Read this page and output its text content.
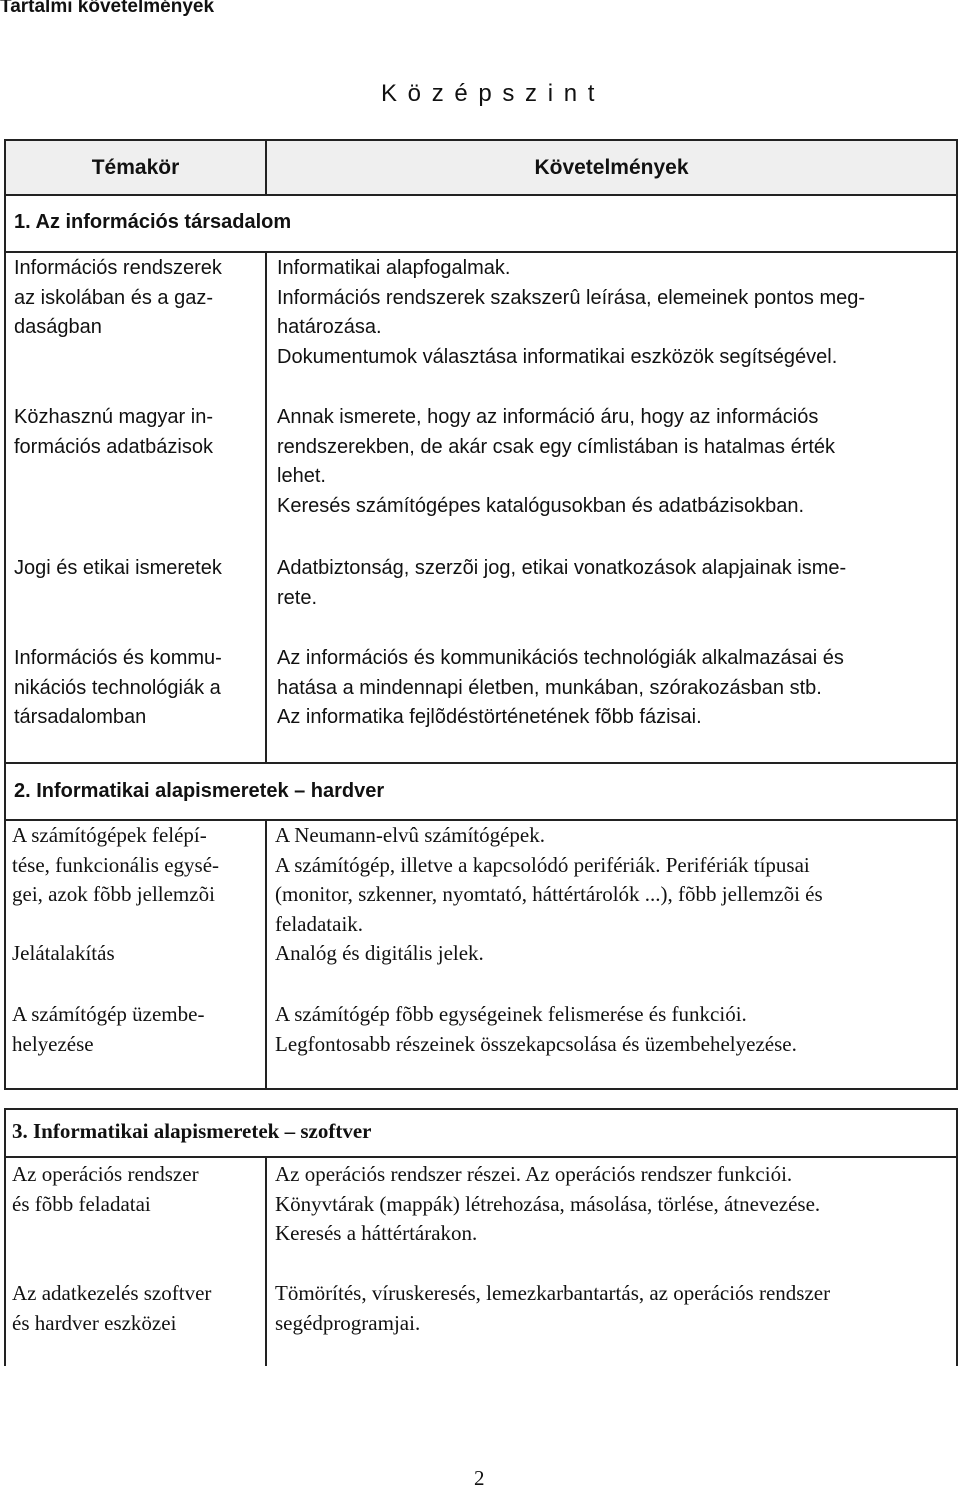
Tartalmi követelmények
K ö z é p s z i n t
Témakör	Követelmények
1. Az információs társadalom
Információs rendszerek
az iskolában és a gaz-
daságban
Informatikai alapfogalmak.
Információs rendszerek szakszerû leírása, elemeinek pontos meg-
határozása.
Dokumentumok választása informatikai eszközök segítségével.
Közhasznú magyar in-
formációs adatbázisok
Annak ismerete, hogy az információ áru, hogy az információs
rendszerekben, de akár csak egy címlistában is hatalmas érték
lehet.
Keresés számítógépes katalógusokban és adatbázisokban.
Jogi és etikai ismeretek	Adatbiztonság, szerzõi jog, etikai vonatkozások alapjainak isme-
rete.
Információs és kommu-
nikációs technológiák a
társadalomban
Az információs és kommunikációs technológiák alkalmazásai és
hatása a mindennapi életben, munkában, szórakozásban stb.
Az informatika fejlõdéstörténetének fõbb fázisai.
2. Informatikai alapismeretek – hardver
A számítógépek felépí-
tése, funkcionális egysé-
gei, azok fõbb jellemzõi

Jelátalakítás
A Neumann-elvû számítógépek.
A számítógép, illetve a kapcsolódó perifériák. Perifériák típusai
(monitor, szkenner, nyomtató, háttértárolók ...), fõbb jellemzõi és
feladataik.
Analóg és digitális jelek.
A számítógép üzembe-
helyezése
A számítógép fõbb egységeinek felismerése és funkciói.
Legfontosabb részeinek összekapcsolása és üzembehelyezése.
3. Informatikai alapismeretek – szoftver
Az operációs rendszer
és fõbb feladatai
Az operációs rendszer részei. Az operációs rendszer funkciói.
Könyvtárak (mappák) létrehozása, másolása, törlése, átnevezése.
Keresés a háttértárakon.
Az adatkezelés szoftver
és hardver eszközei
Tömörítés, víruskeresés, lemezkarbantartás, az operációs rendszer
segédprogramjai.
2
